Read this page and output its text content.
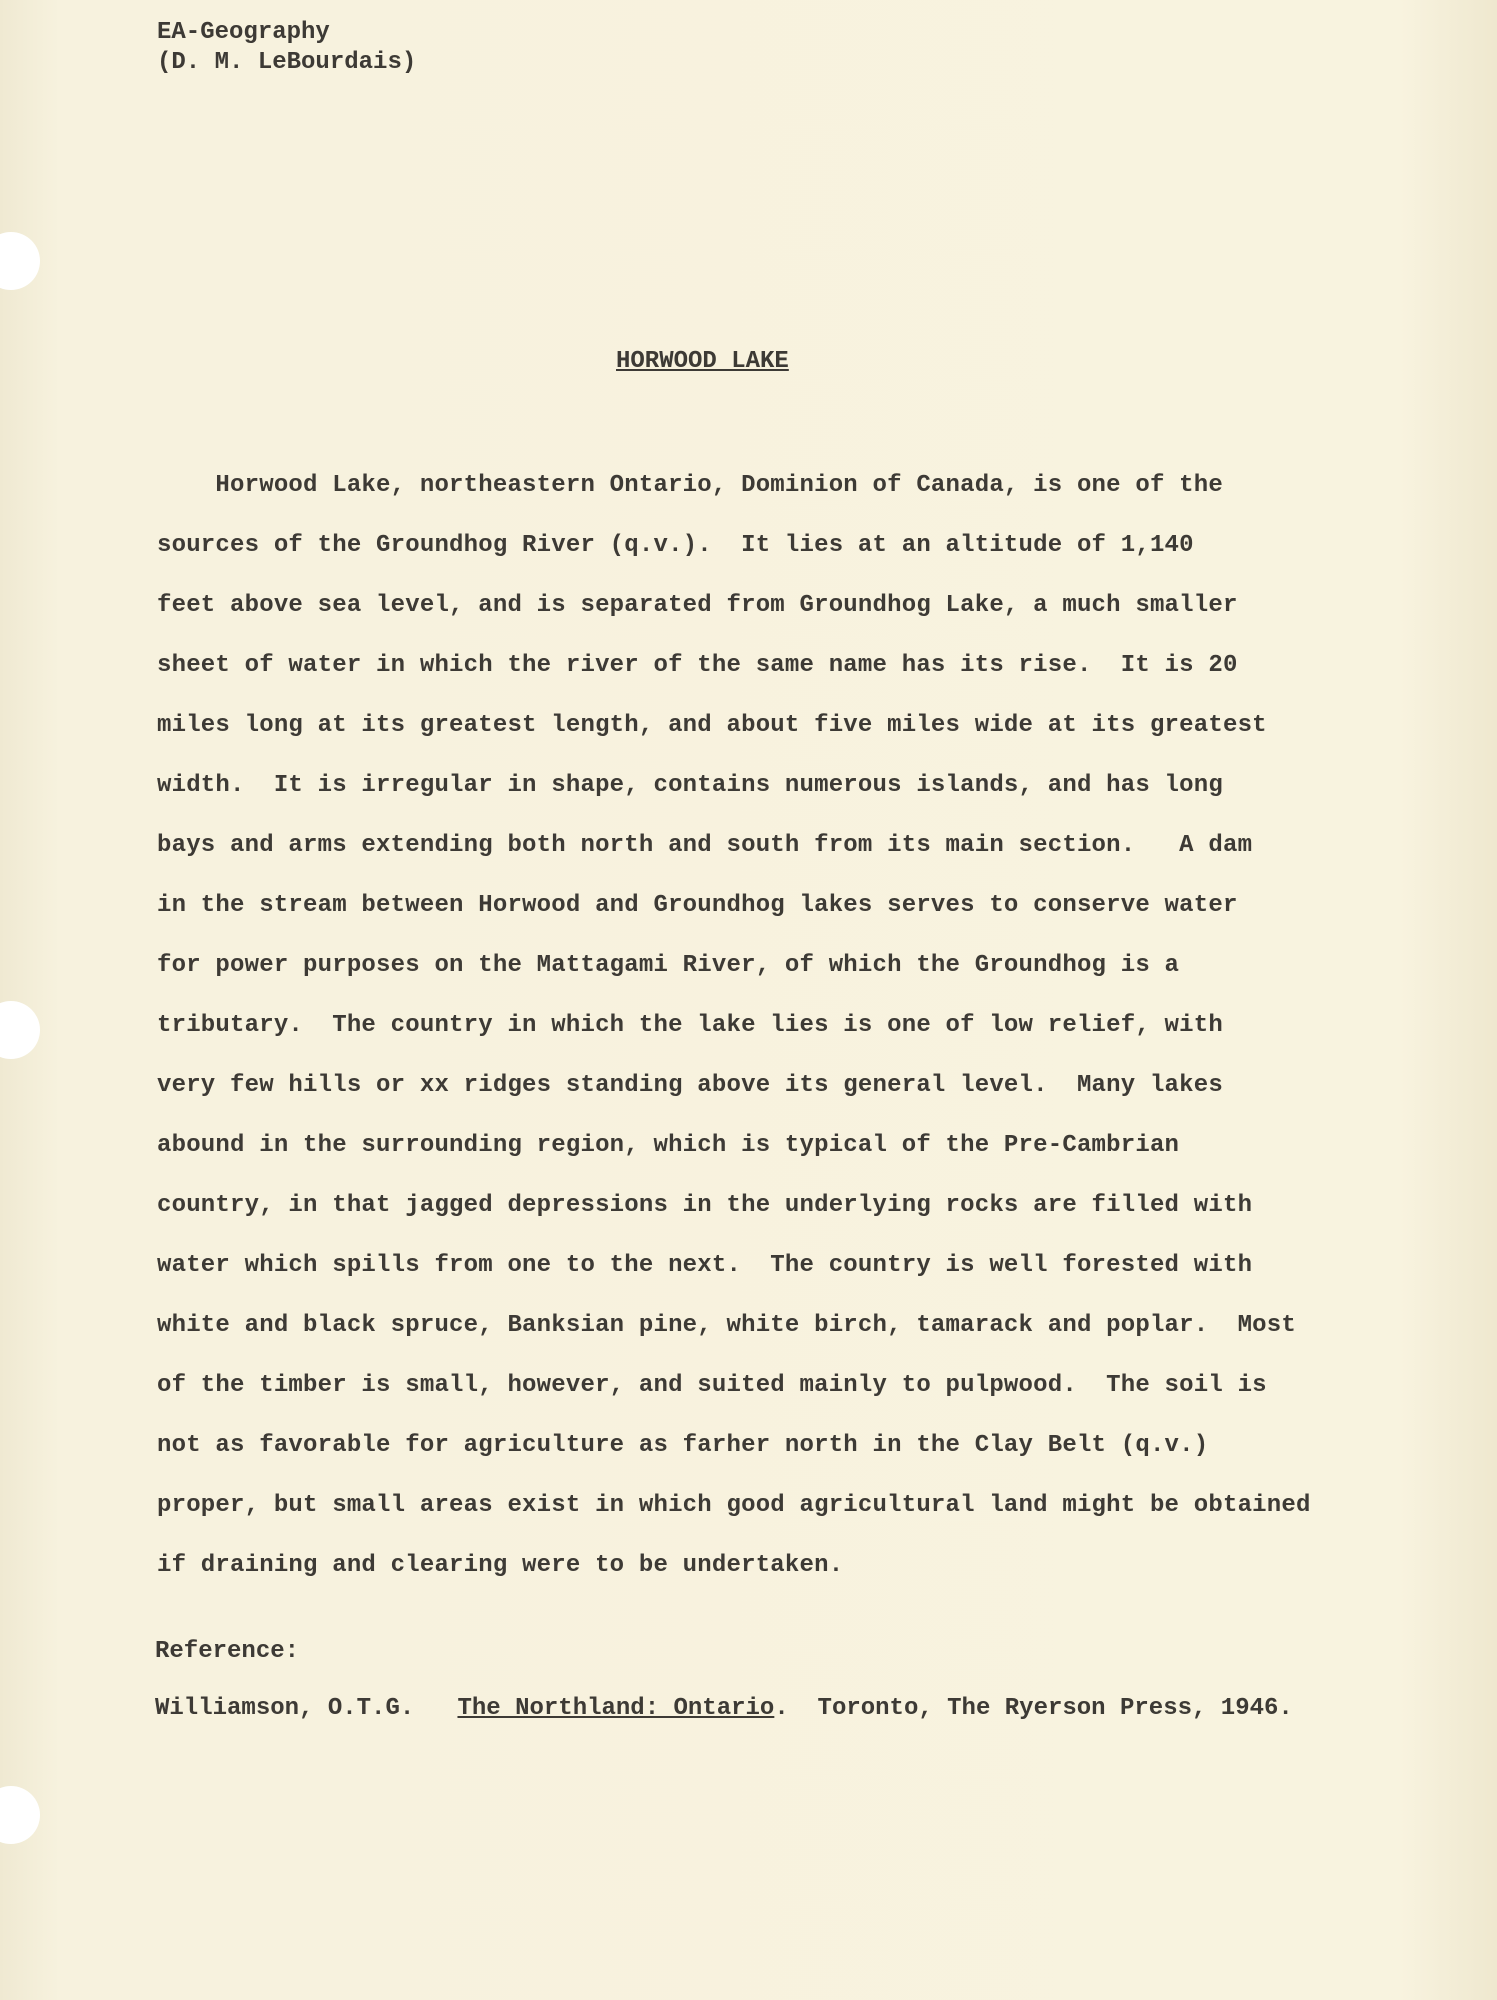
EA-Geography
(D. M. LeBourdais)
HORWOOD LAKE
Horwood Lake, northeastern Ontario, Dominion of Canada, is one of the
sources of the Groundhog River (q.v.).  It lies at an altitude of 1,140
feet above sea level, and is separated from Groundhog Lake, a much smaller
sheet of water in which the river of the same name has its rise.  It is 20
miles long at its greatest length, and about five miles wide at its greatest
width.  It is irregular in shape, contains numerous islands, and has long
bays and arms extending both north and south from its main section.   A dam
in the stream between Horwood and Groundhog lakes serves to conserve water
for power purposes on the Mattagami River, of which the Groundhog is a
tributary.  The country in which the lake lies is one of low relief, with
very few hills or xx ridges standing above its general level.  Many lakes
abound in the surrounding region, which is typical of the Pre-Cambrian
country, in that jagged depressions in the underlying rocks are filled with
water which spills from one to the next.  The country is well forested with
white and black spruce, Banksian pine, white birch, tamarack and poplar.  Most
of the timber is small, however, and suited mainly to pulpwood.  The soil is
not as favorable for agriculture as farher north in the Clay Belt (q.v.)
proper, but small areas exist in which good agricultural land might be obtained
if draining and clearing were to be undertaken.
Reference:
Williamson, O.T.G. The Northland: Ontario.  Toronto, The Ryerson Press, 1946.
